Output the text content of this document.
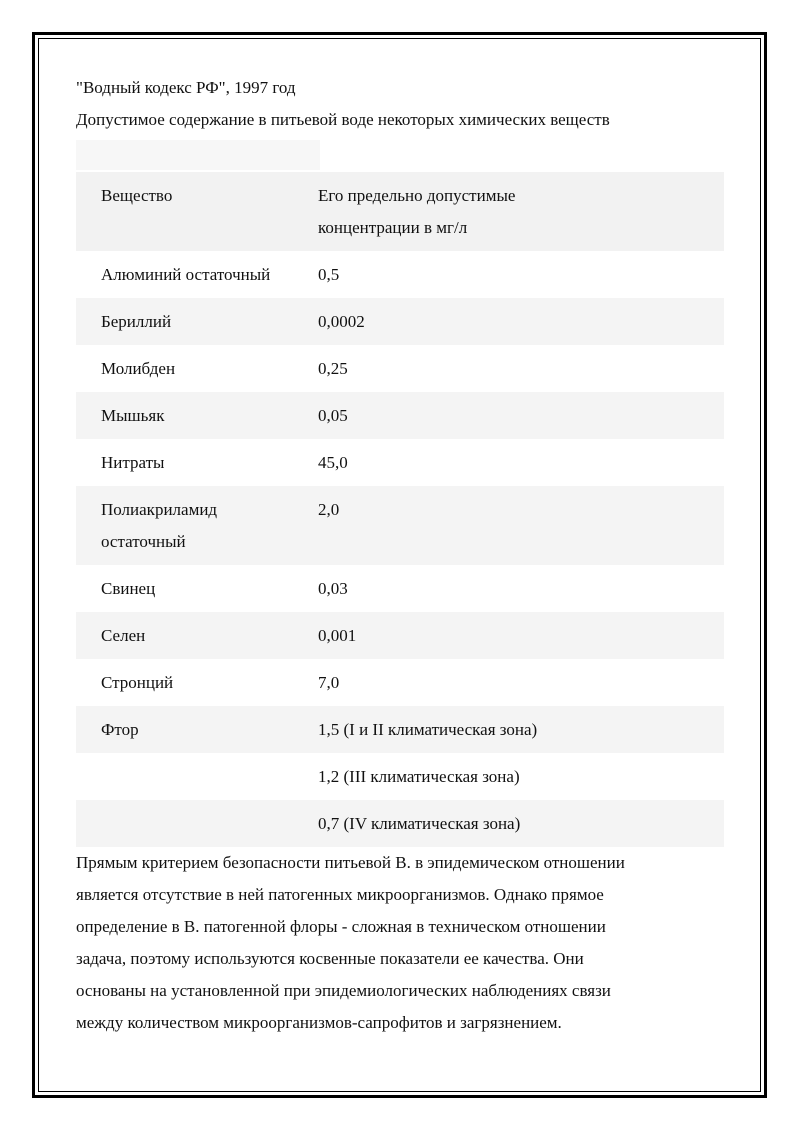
"Водный кодекс РФ", 1997 год

Допустимое содержание в питьевой воде некоторых химических веществ

Вещество	Его предельно допустимые
концентрации в мг/л

Алюминий остаточный	0,5
Бериллий	0,0002
Молибден	0,25
Мышьяк	0,05
Нитраты	45,0

Полиакриламид
остаточный	2,0
Свинец	0,03
Селен	0,001
Стронций	7,0
Фтор	1,5 (I и II климатическая зона)
	1,2 (III климатическая зона)
	0,7 (IV климатическая зона)
Прямым критерием безопасности питьевой В. в эпидемическом отношении
является отсутствие в ней патогенных микроорганизмов. Однако прямое
определение в В. патогенной флоры - сложная в техническом отношении
задача, поэтому используются косвенные показатели ее качества. Они
основаны на установленной при эпидемиологических наблюдениях связи
между количеством микроорганизмов-сапрофитов и загрязнением.
